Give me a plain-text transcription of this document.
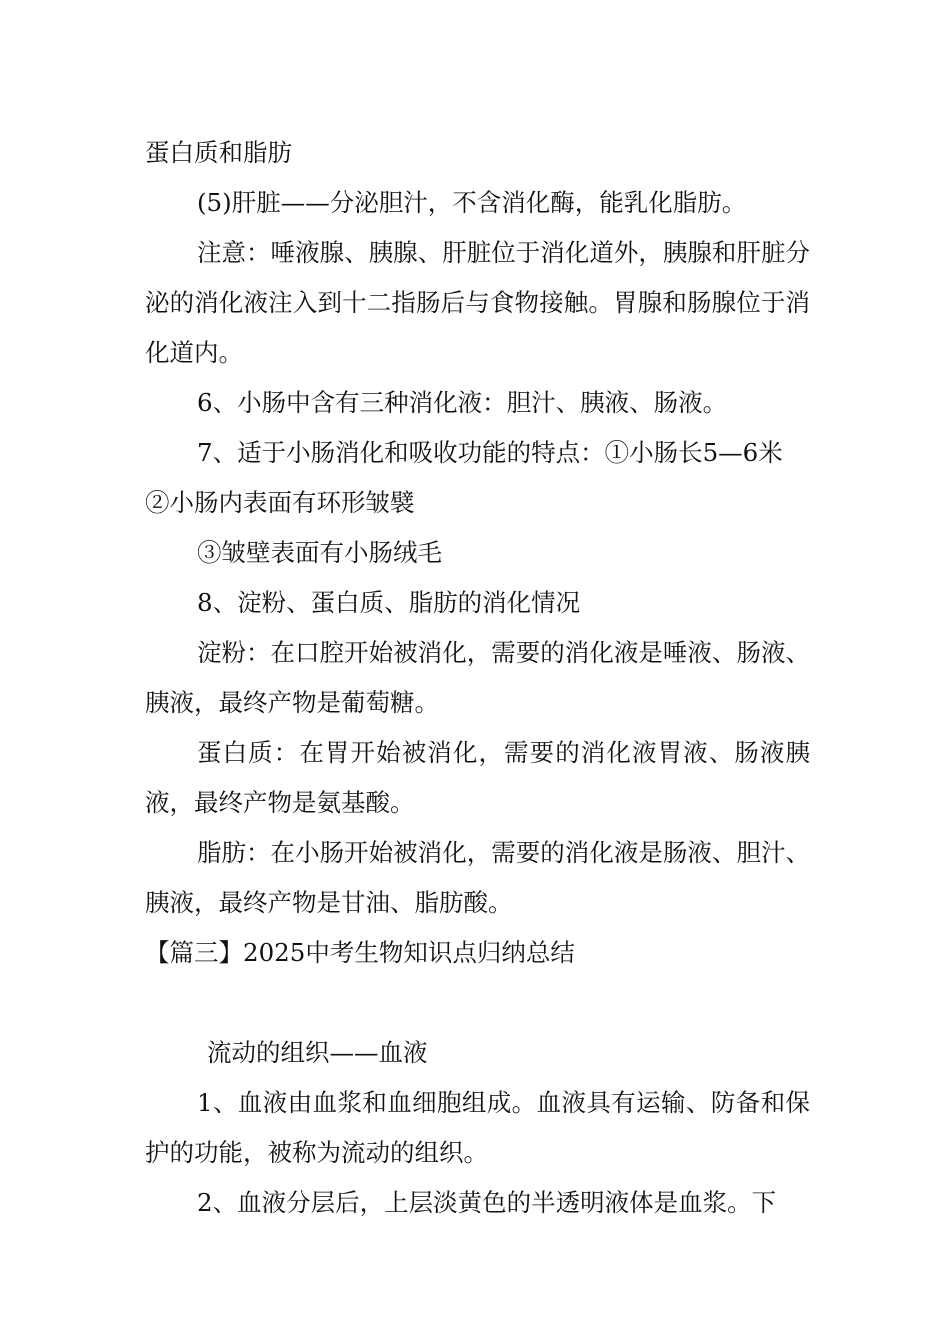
蛋白质和脂肪

(5)肝脏——分泌胆汁，不含消化酶，能乳化脂肪。

注意：唾液腺、胰腺、肝脏位于消化道外，胰腺和肝脏分泌的消化液注入到十二指肠后与食物接触。胃腺和肠腺位于消化道内。

6、小肠中含有三种消化液：胆汁、胰液、肠液。

7、适于小肠消化和吸收功能的特点：①小肠长5—6米

②小肠内表面有环形皱襞

③皱壁表面有小肠绒毛

8、淀粉、蛋白质、脂肪的消化情况

淀粉：在口腔开始被消化，需要的消化液是唾液、肠液、胰液，最终产物是葡萄糖。

蛋白质：在胃开始被消化，需要的消化液胃液、肠液胰液，最终产物是氨基酸。

脂肪：在小肠开始被消化，需要的消化液是肠液、胆汁、胰液，最终产物是甘油、脂肪酸。

【篇三】2025中考生物知识点归纳总结

流动的组织——血液

1、血液由血浆和血细胞组成。血液具有运输、防备和保护的功能，被称为流动的组织。

2、血液分层后，上层淡黄色的半透明液体是血浆。下
